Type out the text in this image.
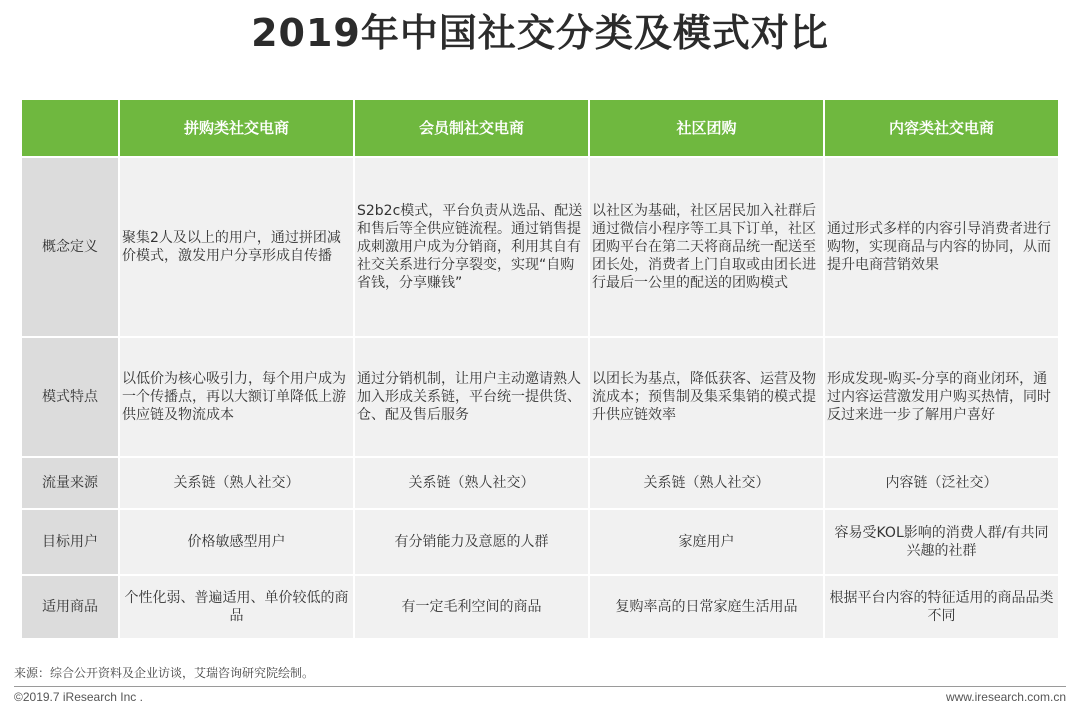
2019年中国社交分类及模式对比
	拼购类社交电商	会员制社交电商	社区团购	内容类社交电商
概念定义	聚集2人及以上的用户，通过拼团减价模式，激发用户分享形成自传播	S2b2c模式，平台负责从选品、配送和售后等全供应链流程。通过销售提成刺激用户成为分销商，利用其自有社交关系进行分享裂变，实现“自购省钱，分享赚钱”	以社区为基础，社区居民加入社群后通过微信小程序等工具下订单，社区团购平台在第二天将商品统一配送至团长处，消费者上门自取或由团长进行最后一公里的配送的团购模式	通过形式多样的内容引导消费者进行购物，实现商品与内容的协同，从而提升电商营销效果
模式特点	以低价为核心吸引力，每个用户成为一个传播点，再以大额订单降低上游供应链及物流成本	通过分销机制，让用户主动邀请熟人加入形成关系链，平台统一提供货、仓、配及售后服务	以团长为基点，降低获客、运营及物流成本；预售制及集采集销的模式提升供应链效率	形成发现-购买-分享的商业闭环，通过内容运营激发用户购买热情，同时反过来进一步了解用户喜好
流量来源	关系链（熟人社交）	关系链（熟人社交）	关系链（熟人社交）	内容链（泛社交）
目标用户	价格敏感型用户	有分销能力及意愿的人群	家庭用户	容易受KOL影响的消费人群/有共同兴趣的社群
适用商品	个性化弱、普遍适用、单价较低的商品	有一定毛利空间的商品	复购率高的日常家庭生活用品	根据平台内容的特征适用的商品品类不同
来源：综合公开资料及企业访谈，艾瑞咨询研究院绘制。
©2019.7 iResearch Inc .	www.iresearch.com.cn
